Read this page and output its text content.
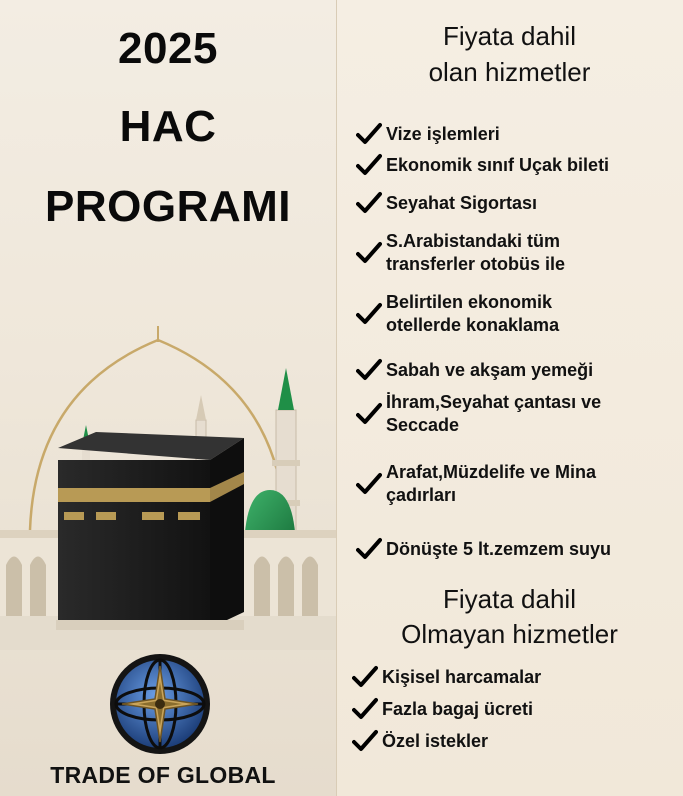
2025
HAC
PROGRAMI
TRADE OF GLOBAL
Fiyata dahil
olan hizmetler
Vize işlemleri
Ekonomik sınıf Uçak bileti
Seyahat Sigortası
S.Arabistandaki tüm
transferler otobüs ile
Belirtilen ekonomik
otellerde konaklama
Sabah ve akşam yemeği
İhram,Seyahat çantası ve
Seccade
Arafat,Müzdelife ve Mina
çadırları
Dönüşte 5 lt.zemzem suyu
Fiyata dahil
Olmayan hizmetler
Kişisel harcamalar
Fazla bagaj ücreti
Özel istekler
